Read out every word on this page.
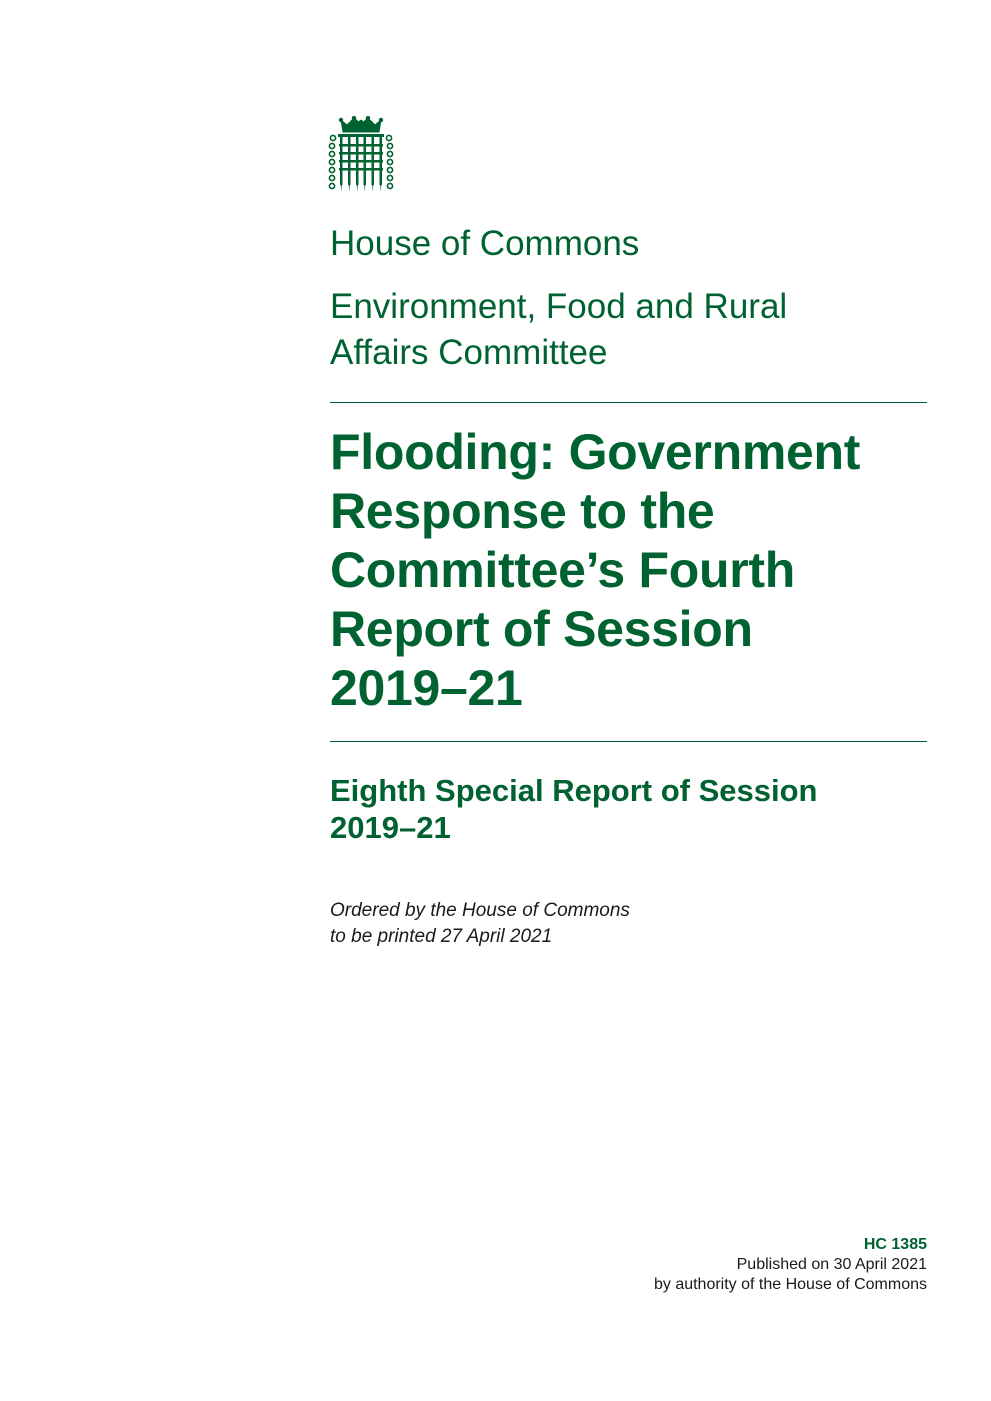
House of Commons
Environment, Food and Rural
Affairs Committee
Flooding: Government
Response to the
Committee’s Fourth
Report of Session
2019–21
Eighth Special Report of Session
2019–21
Ordered by the House of Commons
to be printed 27 April 2021
HC 1385
Published on 30 April 2021
by authority of the House of Commons
